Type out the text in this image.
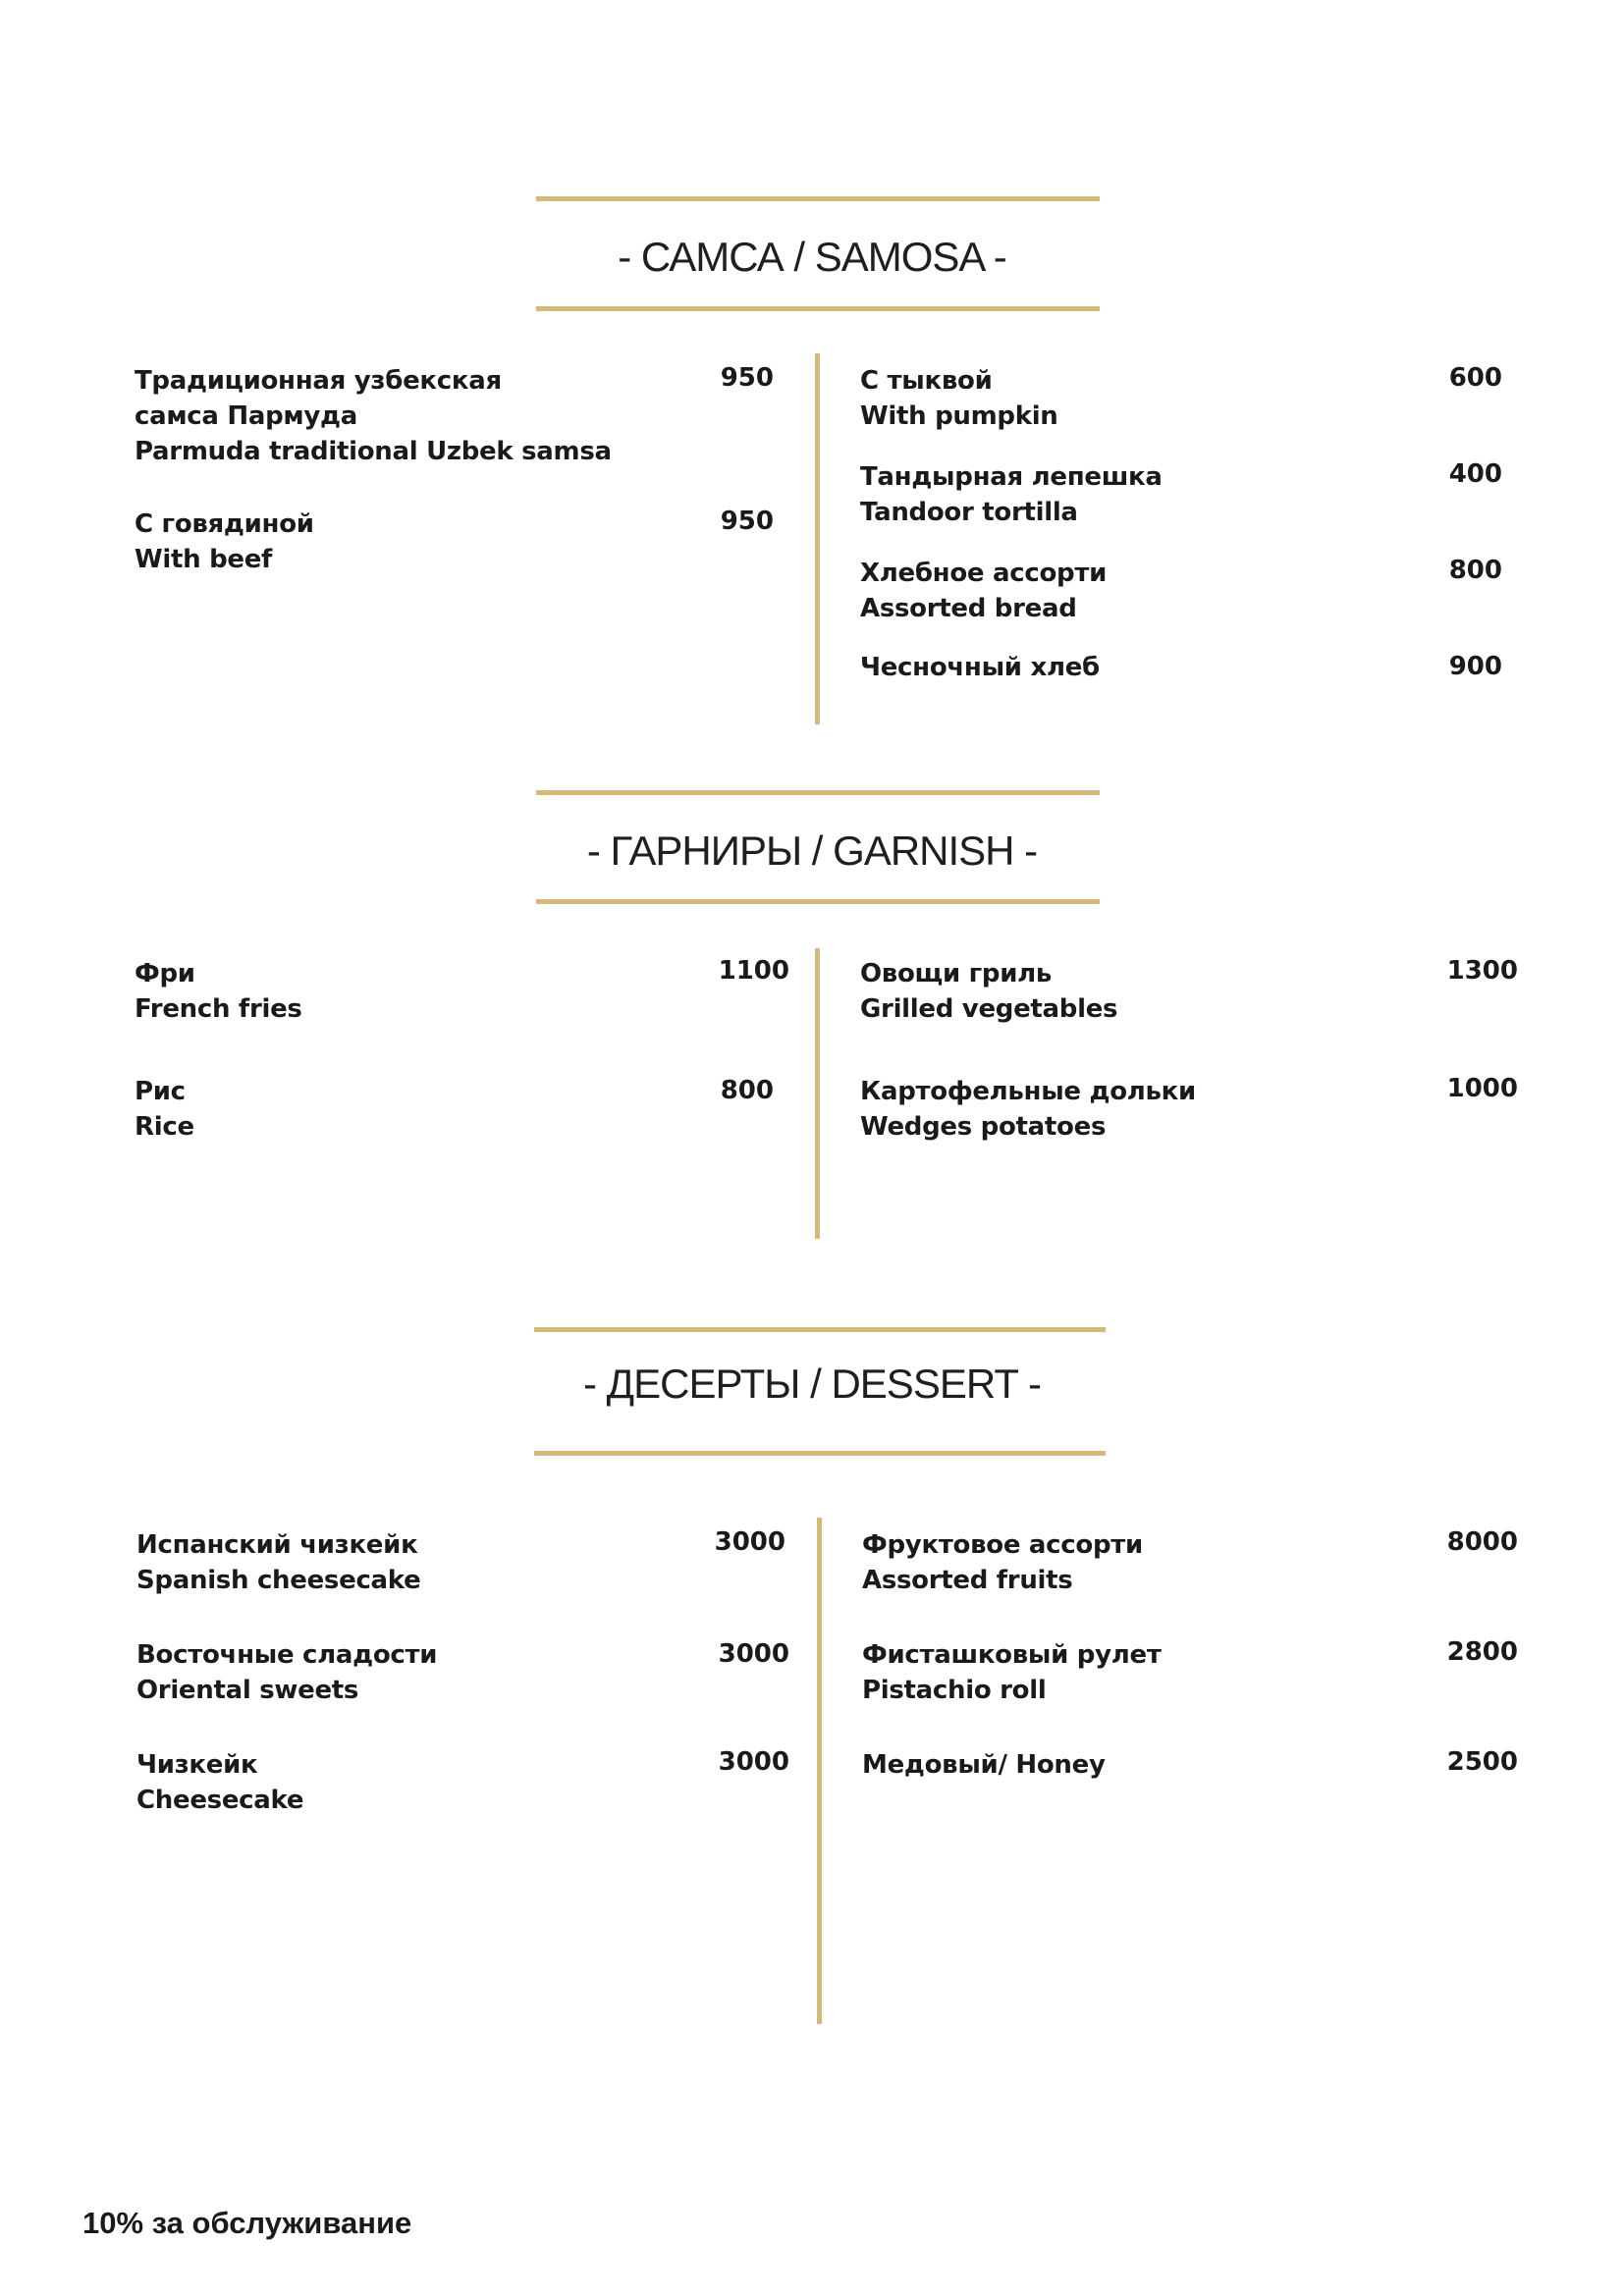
- САМСА / SAMOSA -
Традиционная узбекская
самса Пармуда
Parmuda traditional Uzbek samsa
950
С говядиной
With beef
950
С тыквой
With pumpkin
600
Тандырная лепешка
Tandoor tortilla
400
Хлебное ассорти
Assorted bread
800
Чесночный хлеб	900
- ГАРНИРЫ / GARNISH -
Фри
French fries
1100
Рис
Rice
800
Овощи гриль
Grilled vegetables
1300
Картофельные дольки
Wedges potatoes
1000
- ДЕСЕРТЫ / DESSERT -
Испанский чизкейк
Spanish cheesecake
3000
Восточные сладости
Oriental sweets
3000
Чизкейк
Cheesecake
3000
Фруктовое ассорти
Assorted fruits
8000
Фисташковый рулет
Pistachio roll
2800
Медовый/ Honey	2500
10% за обслуживание
